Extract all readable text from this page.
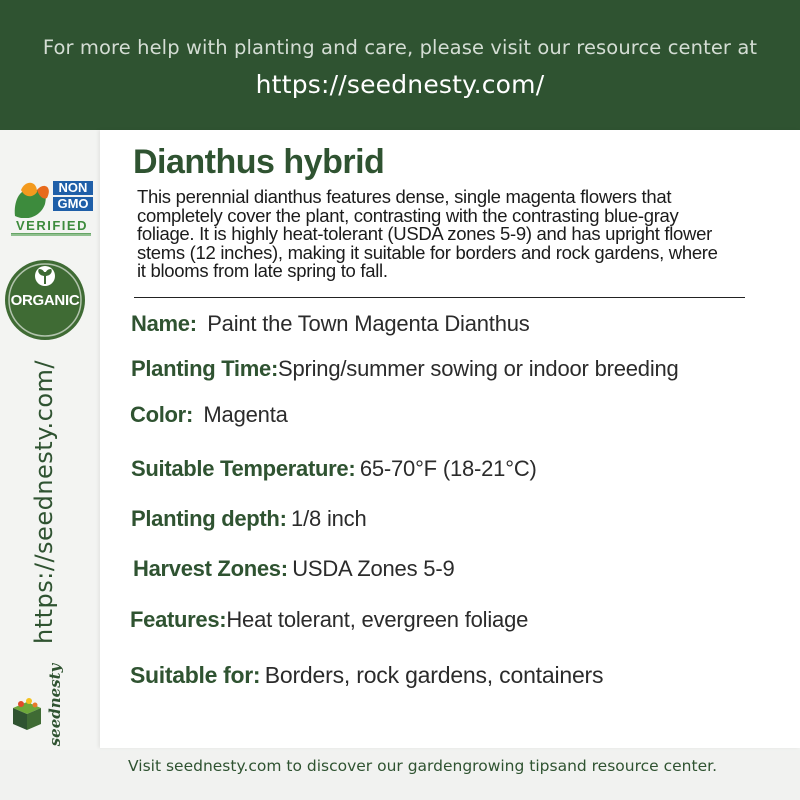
For more help with planting and care, please visit our resource center at
https://seednesty.com/
NON
GMO
VERIFIED
ORGANIC
https://seednesty.com/
seednesty
Dianthus hybrid
This perennial dianthus features dense, single magenta flowers that
completely cover the plant, contrasting with the contrasting blue-gray
foliage. It is highly heat-tolerant (USDA zones 5-9) and has upright flower
stems (12 inches), making it suitable for borders and rock gardens, where
it blooms from late spring to fall.
Name: Paint the Town Magenta Dianthus
Planting Time:Spring/summer sowing or indoor breeding
Color: Magenta
Suitable Temperature: 65-70°F (18-21°C)
Planting depth: 1/8 inch
Harvest Zones: USDA Zones 5-9
Features:Heat tolerant, evergreen foliage
Suitable for: Borders, rock gardens, containers
Visit seednesty.com to discover our gardengrowing tipsand resource center.
